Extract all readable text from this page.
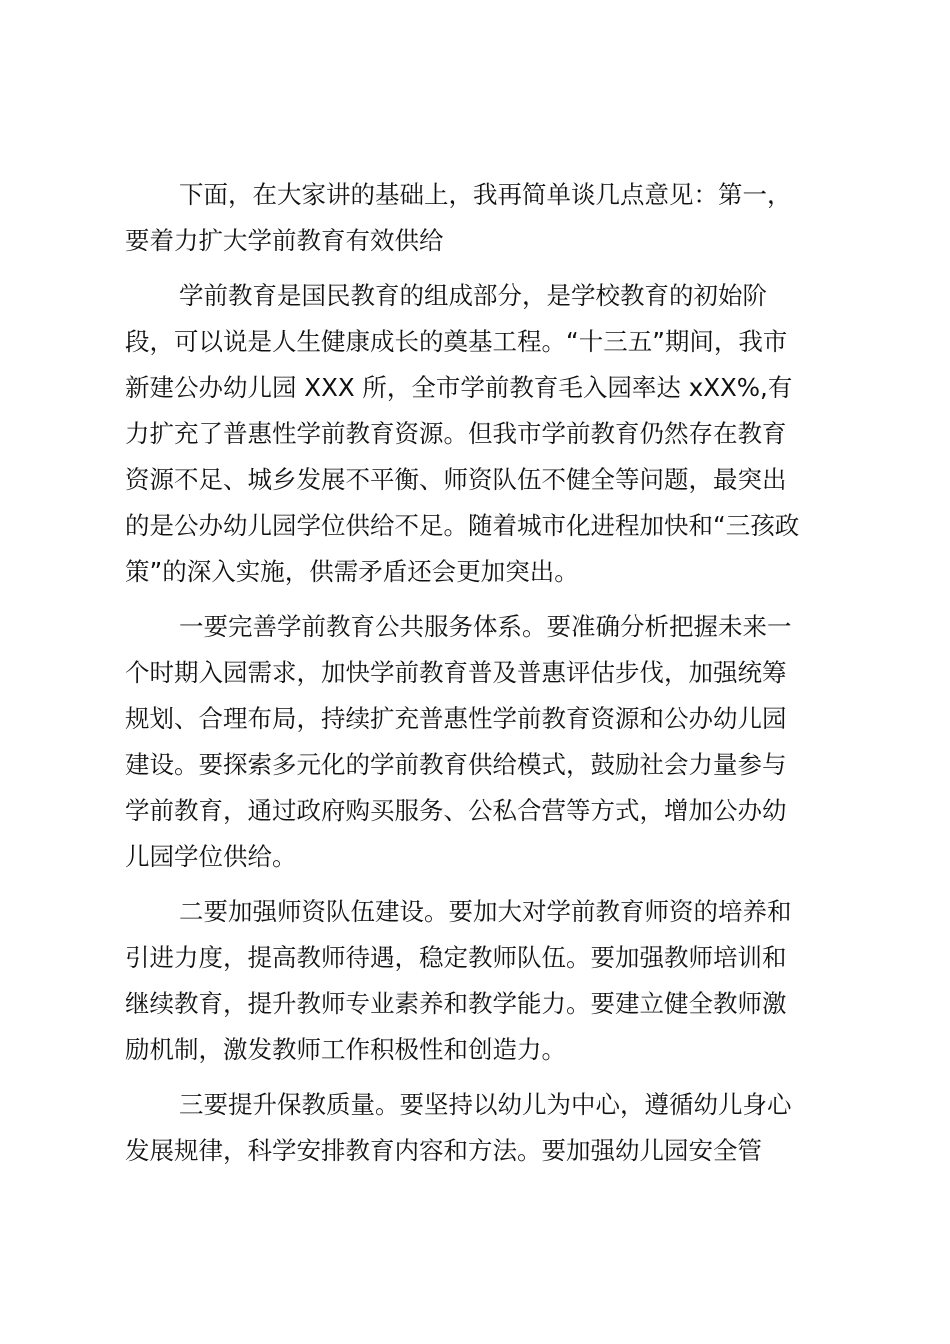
下面，在大家讲的基础上，我再简单谈几点意见：第一，
要着力扩大学前教育有效供给
学前教育是国民教育的组成部分，是学校教育的初始阶
段，可以说是人生健康成长的奠基工程。“十三五”期间，我市
新建公办幼儿园 XXX 所，全市学前教育毛入园率达 xXX%,有
力扩充了普惠性学前教育资源。但我市学前教育仍然存在教育
资源不足、城乡发展不平衡、师资队伍不健全等问题，最突出
的是公办幼儿园学位供给不足。随着城市化进程加快和“三孩政
策”的深入实施，供需矛盾还会更加突出。
一要完善学前教育公共服务体系。要准确分析把握未来一
个时期入园需求，加快学前教育普及普惠评估步伐，加强统筹
规划、合理布局，持续扩充普惠性学前教育资源和公办幼儿园
建设。要探索多元化的学前教育供给模式，鼓励社会力量参与
学前教育，通过政府购买服务、公私合营等方式，增加公办幼
儿园学位供给。
二要加强师资队伍建设。要加大对学前教育师资的培养和
引进力度，提高教师待遇，稳定教师队伍。要加强教师培训和
继续教育，提升教师专业素养和教学能力。要建立健全教师激
励机制，激发教师工作积极性和创造力。
三要提升保教质量。要坚持以幼儿为中心，遵循幼儿身心
发展规律，科学安排教育内容和方法。要加强幼儿园安全管
